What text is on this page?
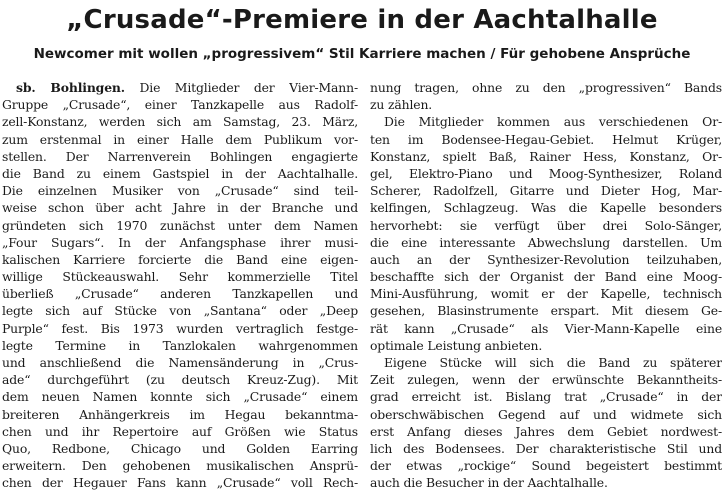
„Crusade“-Premiere in der Aachtalhalle
Newcomer mit wollen „progressivem“ Stil Karriere machen / Für gehobene Ansprüche
sb. Bohlingen. Die Mitglieder der Vier-Mann-
Gruppe „Crusade“, einer Tanzkapelle aus Radolf-
zell-Konstanz, werden sich am Samstag, 23. März,
zum erstenmal in einer Halle dem Publikum vor-
stellen. Der Narrenverein Bohlingen engagierte
die Band zu einem Gastspiel in der Aachtalhalle.
Die einzelnen Musiker von „Crusade“ sind teil-
weise schon über acht Jahre in der Branche und
gründeten sich 1970 zunächst unter dem Namen
„Four Sugars“. In der Anfangsphase ihrer musi-
kalischen Karriere forcierte die Band eine eigen-
willige Stückeauswahl. Sehr kommerzielle Titel
überließ „Crusade“ anderen Tanzkapellen und
legte sich auf Stücke von „Santana“ oder „Deep
Purple“ fest. Bis 1973 wurden vertraglich festge-
legte Termine in Tanzlokalen wahrgenommen
und anschließend die Namensänderung in „Crus-
ade“ durchgeführt (zu deutsch Kreuz-Zug). Mit
dem neuen Namen konnte sich „Crusade“ einem
breiteren Anhängerkreis im Hegau bekanntma-
chen und ihr Repertoire auf Größen wie Status
Quo, Redbone, Chicago und Golden Earring
erweitern. Den gehobenen musikalischen Ansprü-
chen der Hegauer Fans kann „Crusade“ voll Rech-
nung tragen, ohne zu den „progressiven“ Bands
zu zählen.
Die Mitglieder kommen aus verschiedenen Or-
ten im Bodensee-Hegau-Gebiet. Helmut Krüger,
Konstanz, spielt Baß, Rainer Hess, Konstanz, Or-
gel, Elektro-Piano und Moog-Synthesizer, Roland
Scherer, Radolfzell, Gitarre und Dieter Hog, Mar-
kelfingen, Schlagzeug. Was die Kapelle besonders
hervorhebt: sie verfügt über drei Solo-Sänger,
die eine interessante Abwechslung darstellen. Um
auch an der Synthesizer-Revolution teilzuhaben,
beschaffte sich der Organist der Band eine Moog-
Mini-Ausführung, womit er der Kapelle, technisch
gesehen, Blasinstrumente erspart. Mit diesem Ge-
rät kann „Crusade“ als Vier-Mann-Kapelle eine
optimale Leistung anbieten.
Eigene Stücke will sich die Band zu späterer
Zeit zulegen, wenn der erwünschte Bekanntheits-
grad erreicht ist. Bislang trat „Crusade“ in der
oberschwäbischen Gegend auf und widmete sich
erst Anfang dieses Jahres dem Gebiet nordwest-
lich des Bodensees. Der charakteristische Stil und
der etwas „rockige“ Sound begeistert bestimmt
auch die Besucher in der Aachtalhalle.
